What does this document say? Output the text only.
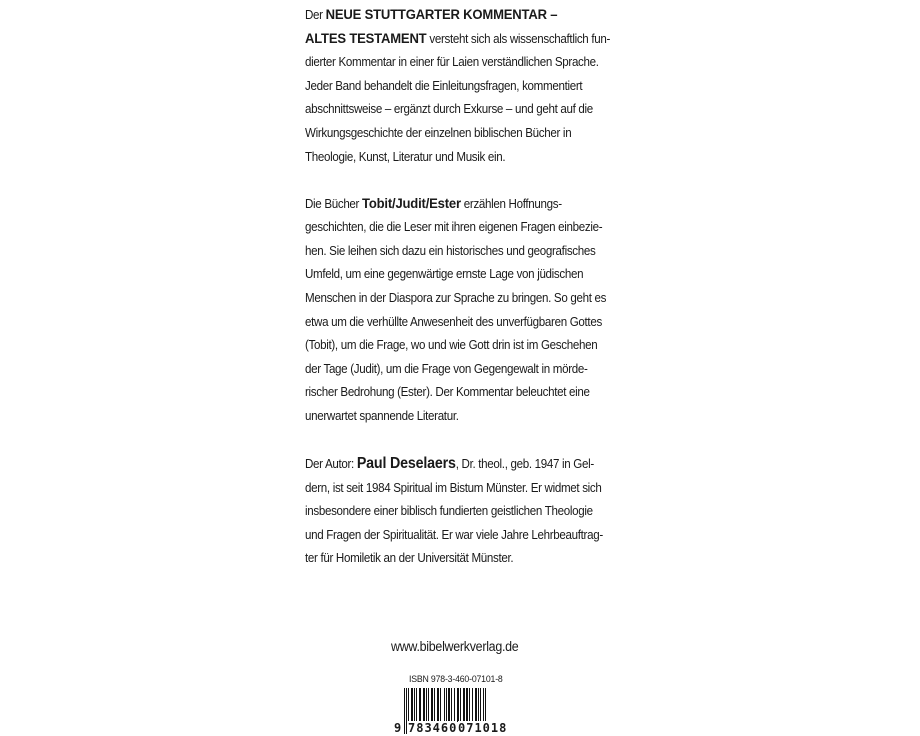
Der NEUE STUTTGARTER KOMMENTAR –
ALTES TESTAMENT versteht sich als wissenschaftlich fun-
dierter Kommentar in einer für Laien verständlichen Sprache.
Jeder Band behandelt die Einleitungsfragen, kommentiert
abschnittsweise – ergänzt durch Exkurse – und geht auf die
Wirkungsgeschichte der einzelnen biblischen Bücher in
Theologie, Kunst, Literatur und Musik ein.

Die Bücher Tobit/Judit/Ester erzählen Hoffnungs-
geschichten, die die Leser mit ihren eigenen Fragen einbezie-
hen. Sie leihen sich dazu ein historisches und geografisches
Umfeld, um eine gegenwärtige ernste Lage von jüdischen
Menschen in der Diaspora zur Sprache zu bringen. So geht es
etwa um die verhüllte Anwesenheit des unverfügbaren Gottes
(Tobit), um die Frage, wo und wie Gott drin ist im Geschehen
der Tage (Judit), um die Frage von Gegengewalt in mörde-
rischer Bedrohung (Ester). Der Kommentar beleuchtet eine
unerwartet spannende Literatur.

Der Autor: Paul Deselaers, Dr. theol., geb. 1947 in Gel-
dern, ist seit 1984 Spiritual im Bistum Münster. Er widmet sich
insbesondere einer biblisch fundierten geistlichen Theologie
und Fragen der Spiritualität. Er war viele Jahre Lehrbeauftrag-
ter für Homiletik an der Universität Münster.

www.bibelwerkverlag.de
ISBN 978-3-460-07101-8
9 783460 071018
